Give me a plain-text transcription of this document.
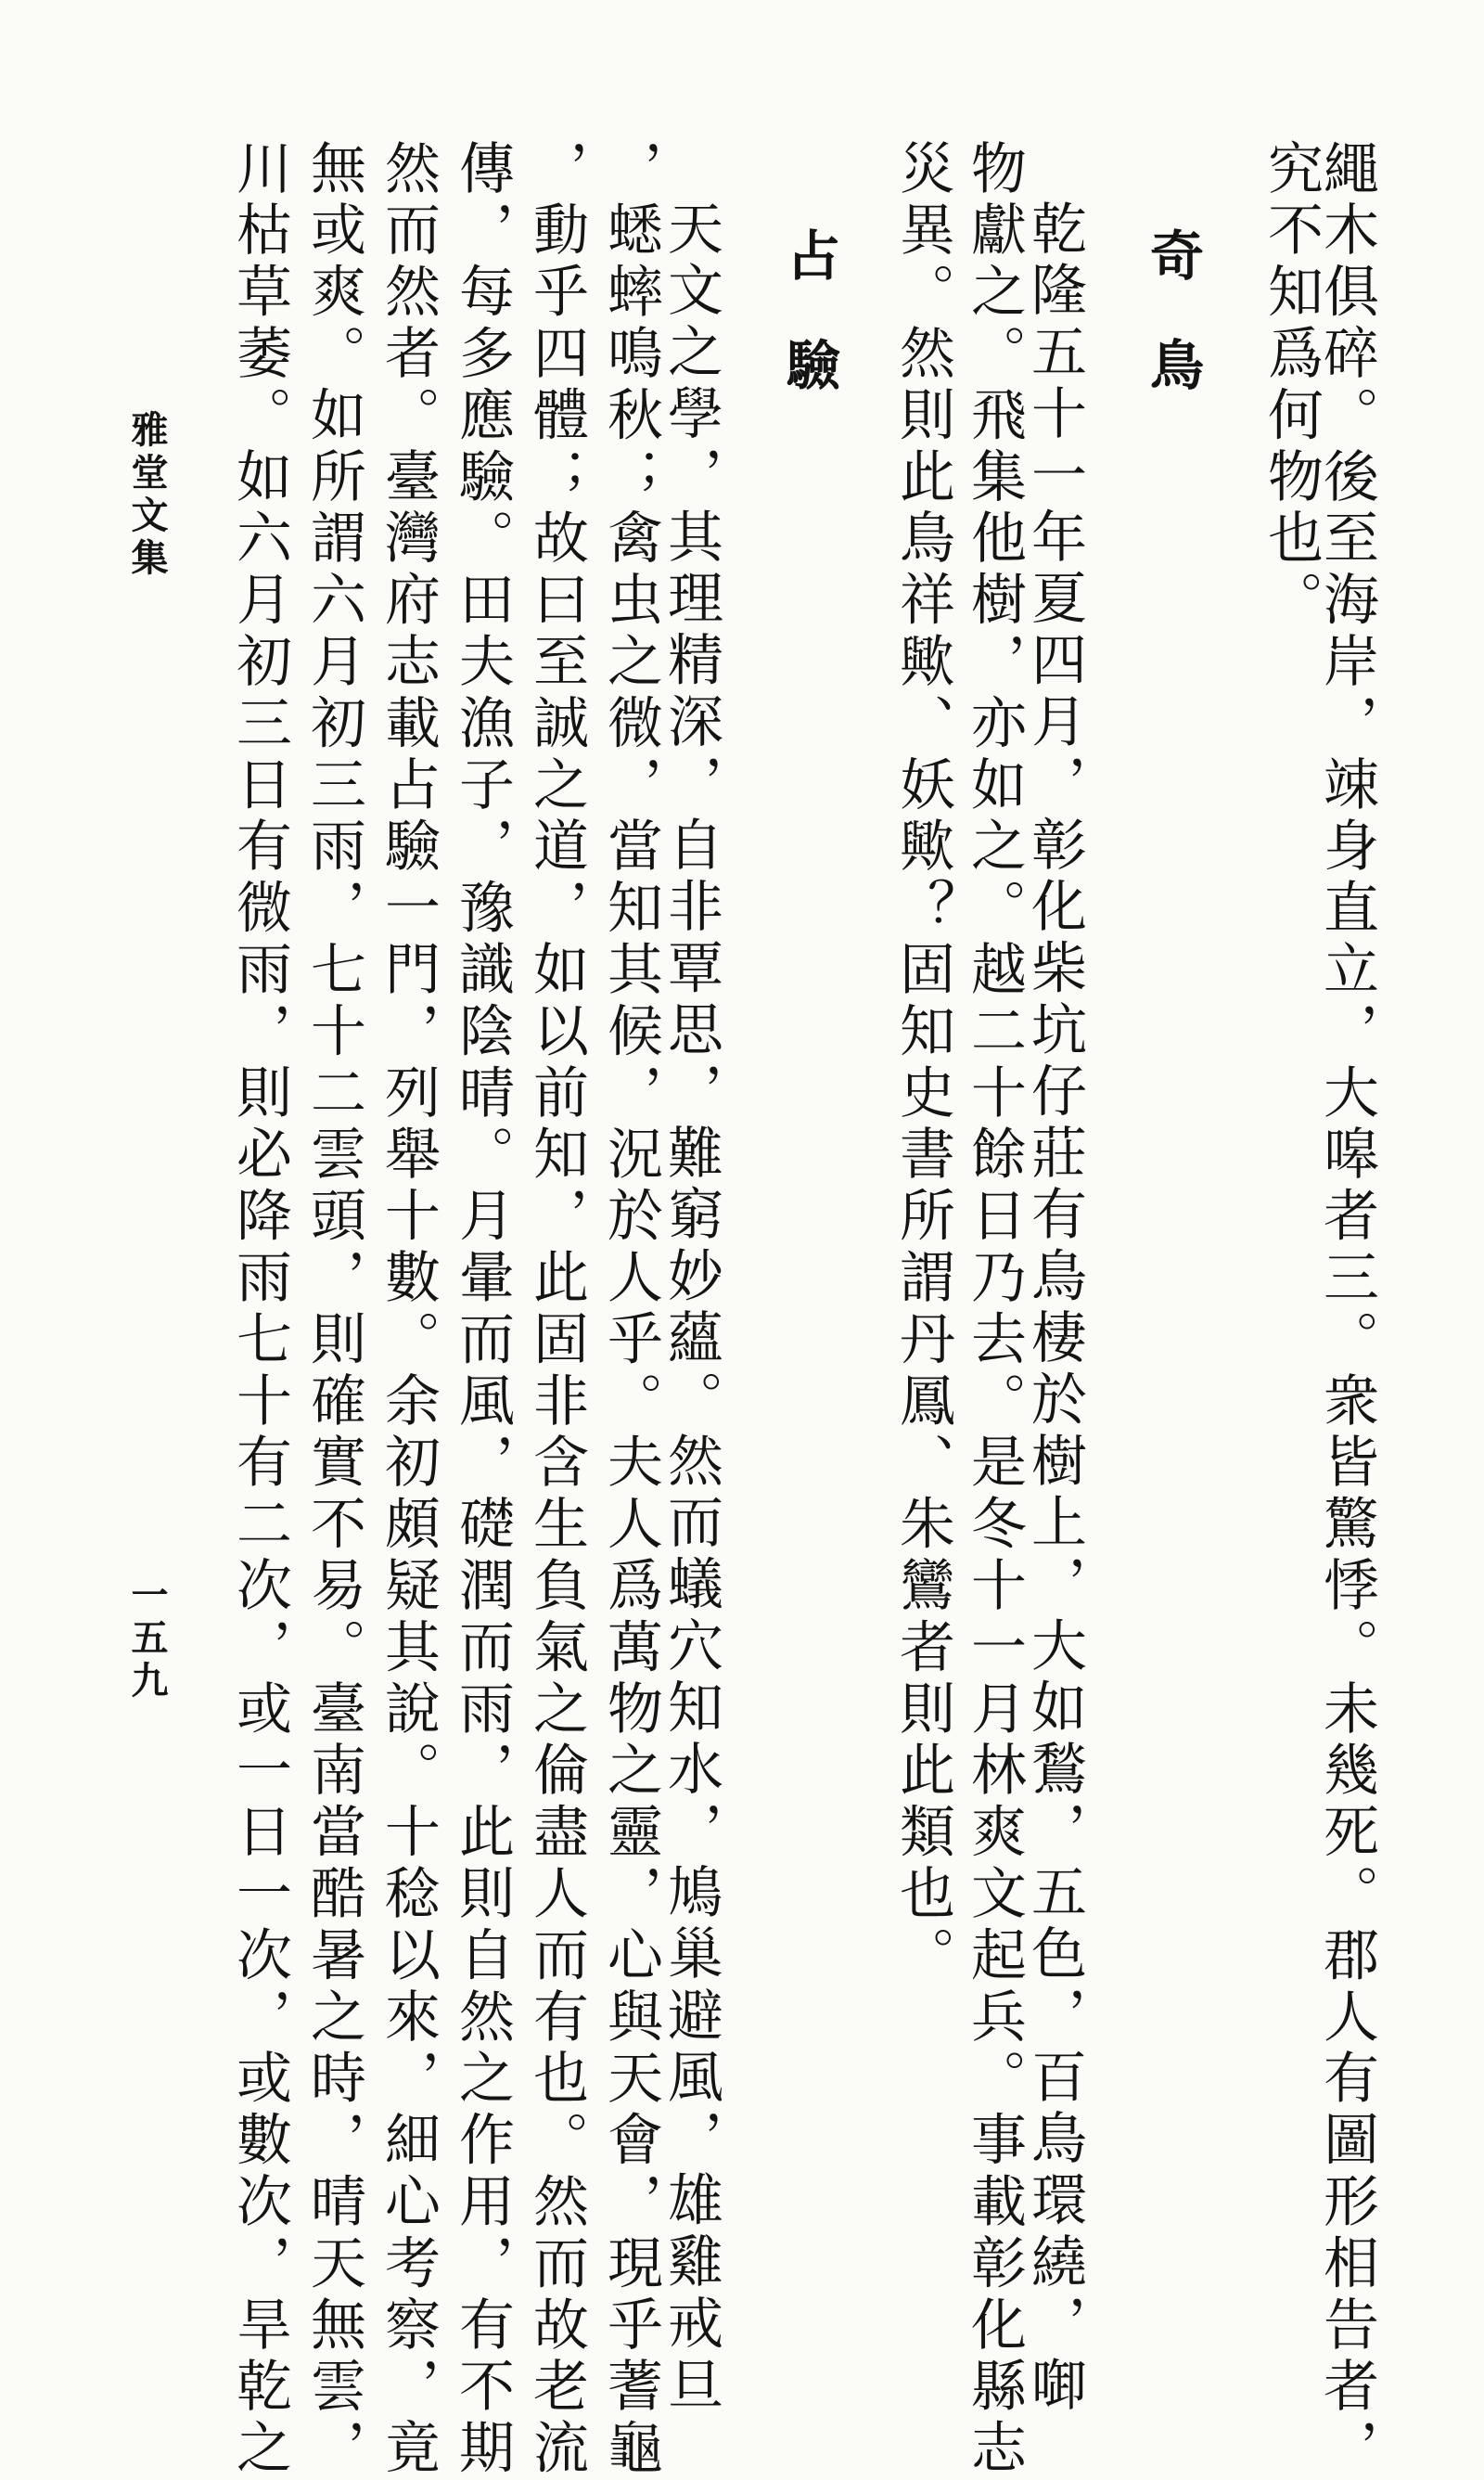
繩木俱碎。後至海岸，竦身直立，大嗥者三。衆皆驚悸。未幾死。郡人有圖形相告者，
究不知爲何物也。
奇鳥
乾隆五十一年夏四月，彰化柴坑仔莊有鳥棲於樹上，大如鶖，五色，百鳥環繞，啣
物獻之。飛集他樹，亦如之。越二十餘日乃去。是冬十一月林爽文起兵。事載彰化縣志
災異。然則此鳥祥歟、妖歟？固知史書所謂丹鳳、朱鸞者則此類也。
占驗
天文之學，其理精深，自非覃思，難窮妙蘊。然而蟻穴知水，鳩巢避風，雄雞戒旦
，蟋蟀鳴秋；禽虫之微，當知其候，況於人乎。夫人爲萬物之靈，心與天會，現乎蓍龜
，動乎四體；故曰至誠之道，如以前知，此固非含生負氣之倫盡人而有也。然而故老流
傳，每多應驗。田夫漁子，豫識陰晴。月暈而風，礎潤而雨，此則自然之作用，有不期
然而然者。臺灣府志載占驗一門，列舉十數。余初頗疑其說。十稔以來，細心考察，竟
無或爽。如所謂六月初三雨，七十二雲頭，則確實不易。臺南當酷暑之時，晴天無雲，
川枯草萎。如六月初三日有微雨，則必降雨七十有二次，或一日一次，或數次，旱乾之
雅堂文集
一五九
